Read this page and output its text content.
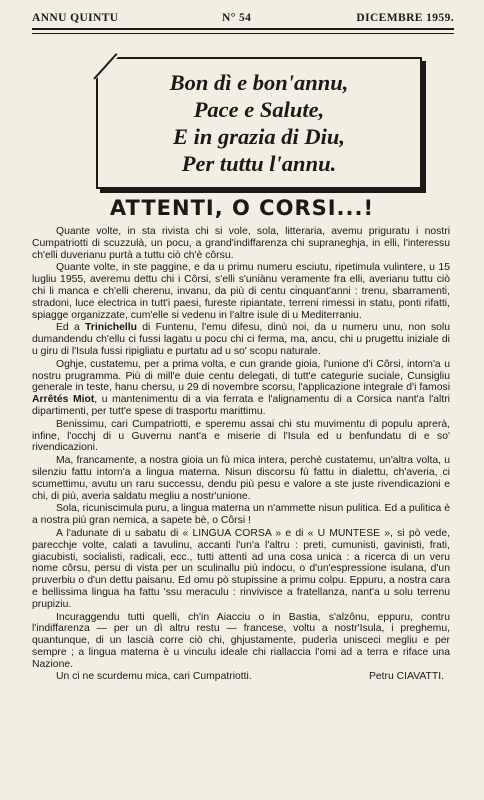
ANNU QUINTU	N° 54	DICEMBRE 1959.
Bon dì e bon'annu,
Pace e Salute,
E in grazia di Diu,
Per tuttu l'annu.
ATTENTI, O CORSI...!

Quante volte, in sta rivista chi si vole, sola, litteraria, avemu priguratu i nostri Cumpatriotti di scuzzulà, un pocu, a grand'indiffarenza chi supraneghja, in elli, l'interessu ch'elli duverianu purtà a tuttu ciò ch'è côrsu.

Quante volte, in ste paggine, e da u primu numeru esciutu, ripetimula vulintere, u 15 lugliu 1955, averemu dettu chi i Côrsi, s'elli s'uniànu veramente fra elli, averianu tuttu ciò chi li manca e ch'elli cherenu, invanu, da più di centu cinquant'anni : trenu, sbarramenti, stradoni, luce electrica in tutt'i paesi, fureste ripiantate, terreni rimessi in statu, ponti rifatti, spiagge organizzate, cum'elle si vedenu in l'altre isule di u Mediterraniu.

Ed a Trinichellu di Funtenu, l'emu difesu, dinù noi, da u numeru unu, non solu dumandendu ch'ellu ci fussi lagatu u pocu chi ci ferma, ma, ancu, chi u prugettu iniziale di u giru di l'Isula fussi ripigliatu e purtatu ad u so' scopu naturale.

Oghje, custatemu, per a prima volta, e cun grande gioia, l'unione d'i Côrsi, intorn'a u nostru prugramma. Più di mill'e duie centu delegati, di tutt'e categurie suciale, Cunsigliu generale in teste, hanu chersu, u 29 di novembre scorsu, l'applicazione integrale d'i famosi Arrêtés Miot, u mantenimentu di a via ferrata e l'alignamentu di a Corsica nant'a l'altri dipartimenti, per tutt'e spese di trasportu marittimu.

Benissimu, cari Cumpatriotti, e speremu assai chi stu muvimentu di populu aprerà, infine, l'occhj di u Guvernu nant'a e miserie di l'Isula ed u benfundatu di e so' rivendicazioni.

Ma, francamente, a nostra gioia un fù mica intera, perchè custatemu, un'altra volta, u silenziu fattu intorn'a a lingua materna. Nisun discorsu fù fattu in dialettu, ch'averia, ci scumettimu, avutu un raru successu, dendu più pesu e valore a ste juste rivendicazioni e chi, di più, averia saldatu megliu a nostr'unione.

Sola, ricuniscimula puru, a lingua materna un n'ammette nisun pulitica. Ed a pulitica è a nostra più gran nemica, a sapete bè, o Côrsi !

A l'adunate di u sabatu di « LINGUA CORSA » e di « U MUNTESE », si pò vede, parecchje volte, calati a tavulinu, accanti l'un'a l'altru : preti, cumunisti, gavinisti, frati, giacubisti, socialisti, radicali, ecc., tutti attenti ad una cosa unica : a ricerca di un veru nome côrsu, persu di vista per un sculinallu più indocu, o d'un'espressione isulana, d'un pruverbiu o d'un dettu paisanu. Ed omu pò stupissine a primu colpu. Eppuru, a nostra cara e bellissima lingua ha fattu 'ssu meraculu : rinvivisce a fratellanza, nant'a u solu terrenu prupiziu.

Incuraggendu tutti quelli, ch'in Aiacciu o in Bastia, s'alzônu, eppuru, contru l'indiffarenza — per un dì altru restu — francese, voltu a nostr'Isula, i preghemu, quantunque, di un lascià corre ciò chi, ghjustamente, puderìa unisceci megliu e per sempre ; a lingua materna è u vinculu ideale chi riallaccia l'omi ad a terra e riface una Nazione.

Un ci ne scurdemu mica, cari Cumpatriotti.	Petru CIAVATTI.
